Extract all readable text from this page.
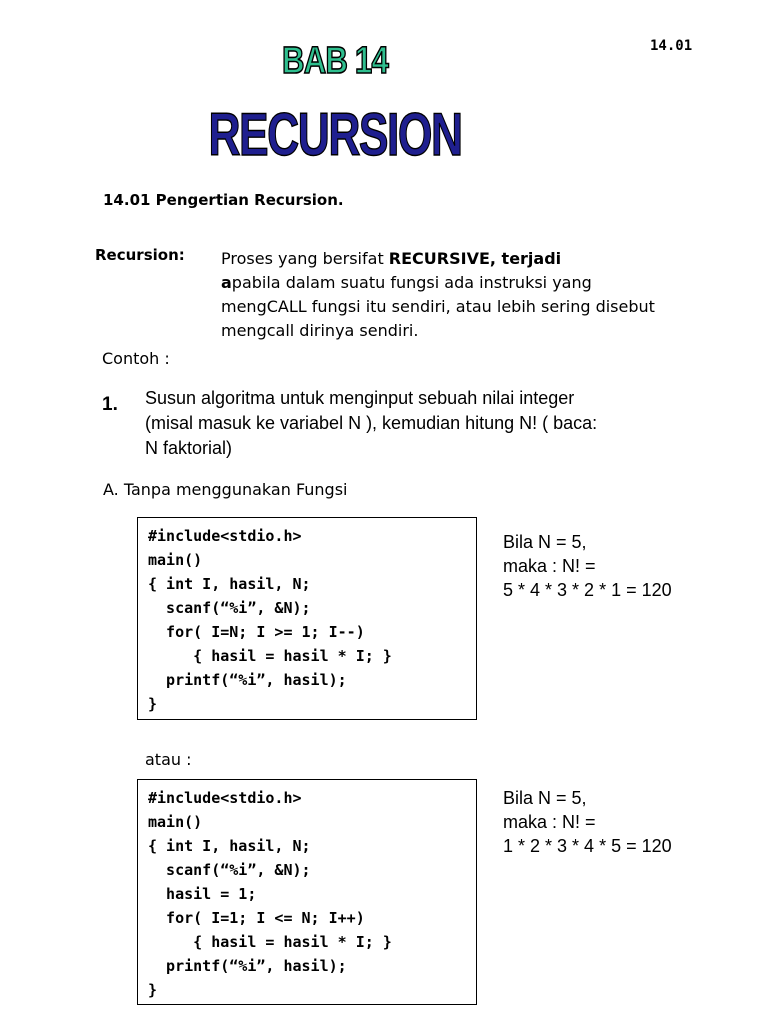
BAB 14
RECURSION
14.01
14.01 Pengertian Recursion.
Recursion: Proses yang bersifat RECURSIVE, terjadi
apabila dalam suatu fungsi ada instruksi yang mengCALL fungsi itu sendiri, atau lebih sering disebut mengcall dirinya sendiri.
Contoh :
1. Susun algoritma untuk menginput sebuah nilai integer (misal masuk ke variabel N ), kemudian hitung N! ( baca: N faktorial)
A. Tanpa menggunakan Fungsi
#include<stdio.h>
main()
{ int I, hasil, N;
scanf(“%i”, &N);
for( I=N; I >= 1; I--)
{ hasil = hasil * I; }
printf(“%i”, hasil);
}
Bila N = 5,
maka : N! =
5 * 4 * 3 * 2 * 1 = 120
atau :
#include<stdio.h>
main()
{ int I, hasil, N;
scanf(“%i”, &N);
hasil = 1;
for( I=1; I <= N; I++)
{ hasil = hasil * I; }
printf(“%i”, hasil);
}
Bila N = 5,
maka : N! =
1 * 2 * 3 * 4 * 5 = 120
